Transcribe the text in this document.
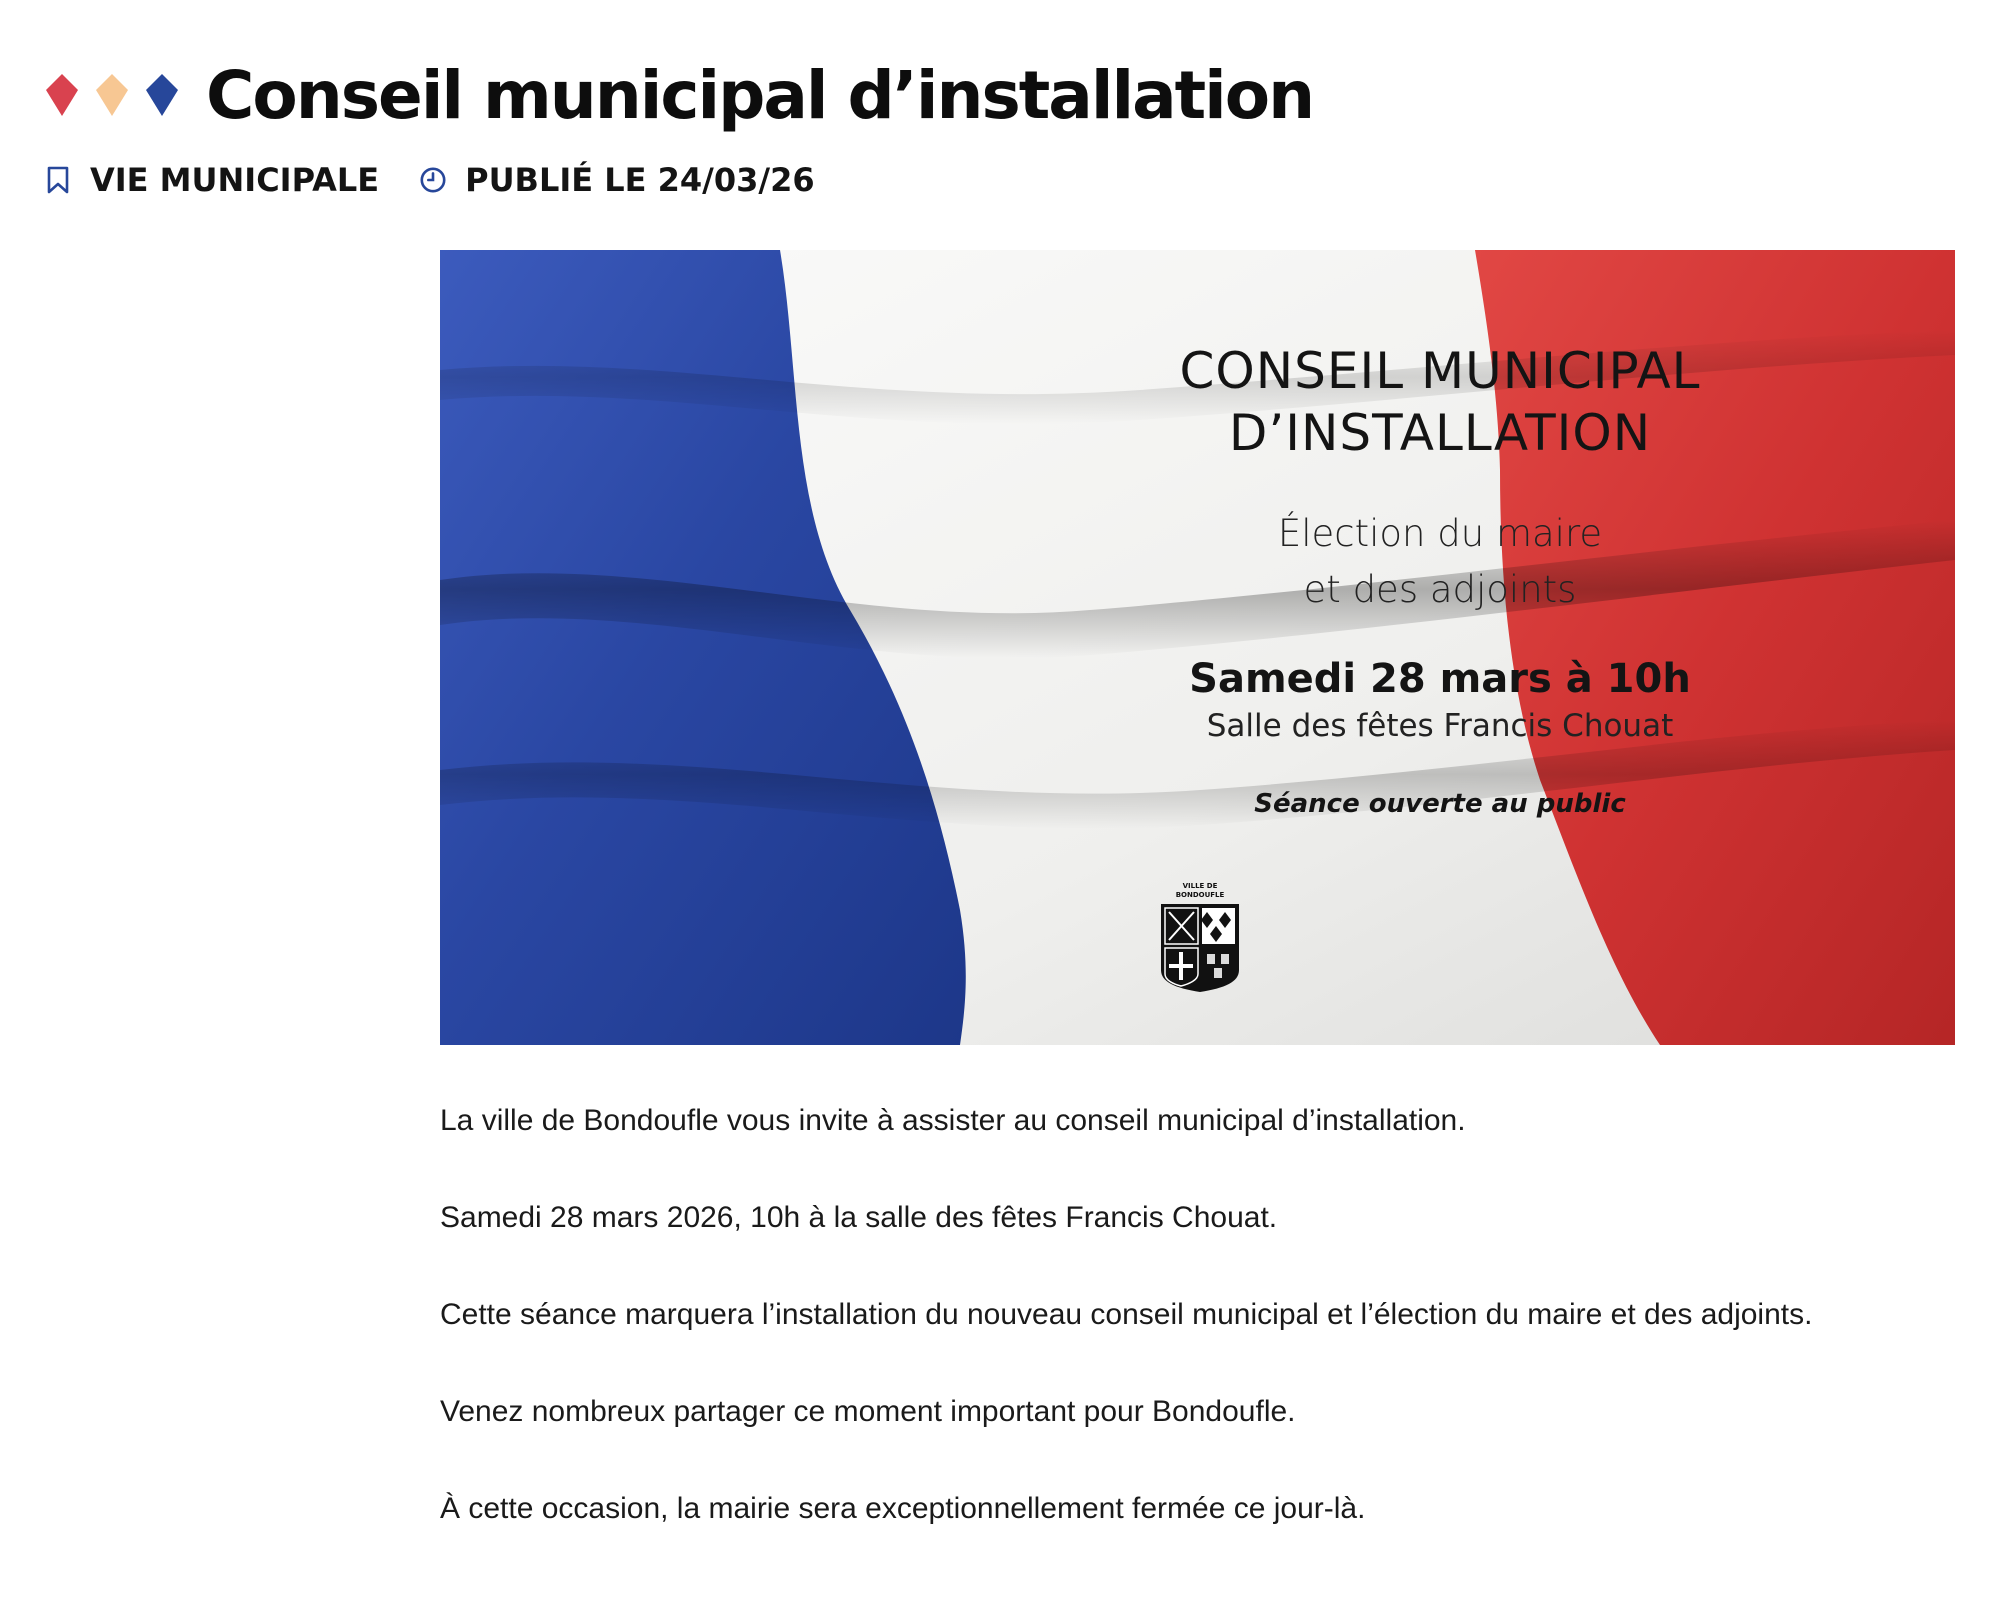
Conseil municipal d’installation
VIE MUNICIPALE	PUBLIÉ LE 24/03/26
CONSEIL MUNICIPAL
D’INSTALLATION
Élection du maire
et des adjoints
Samedi 28 mars à 10h
Salle des fêtes Francis Chouat
Séance ouverte au public
VILLE DE
BONDOUFLE

La ville de Bondoufle vous invite à assister au conseil municipal d’installation.

Samedi 28 mars 2026, 10h à la salle des fêtes Francis Chouat.

Cette séance marquera l’installation du nouveau conseil municipal et l’élection du maire et des adjoints.

Venez nombreux partager ce moment important pour Bondoufle.

À cette occasion, la mairie sera exceptionnellement fermée ce jour-là.
